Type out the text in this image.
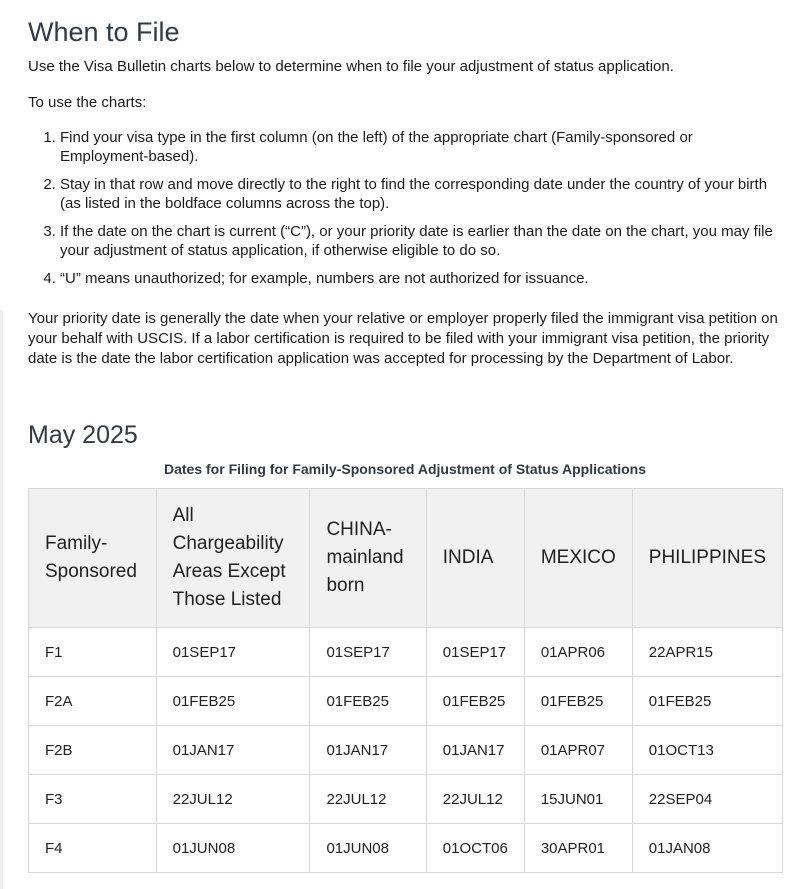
When to File

Use the Visa Bulletin charts below to determine when to file your adjustment of status application.

To use the charts:

1. Find your visa type in the first column (on the left) of the appropriate chart (Family-sponsored or Employment-based).
2. Stay in that row and move directly to the right to find the corresponding date under the country of your birth (as listed in the boldface columns across the top).
3. If the date on the chart is current (“C”), or your priority date is earlier than the date on the chart, you may file your adjustment of status application, if otherwise eligible to do so.
4. “U” means unauthorized; for example, numbers are not authorized for issuance.

Your priority date is generally the date when your relative or employer properly filed the immigrant visa petition on your behalf with USCIS. If a labor certification is required to be filed with your immigrant visa petition, the priority date is the date the labor certification application was accepted for processing by the Department of Labor.

May 2025
Dates for Filing for Family-Sponsored Adjustment of Status Applications
Family-Sponsored	All Chargeability Areas Except Those Listed	CHINA-mainland born	INDIA	MEXICO	PHILIPPINES
F1	01SEP17	01SEP17	01SEP17	01APR06	22APR15
F2A	01FEB25	01FEB25	01FEB25	01FEB25	01FEB25
F2B	01JAN17	01JAN17	01JAN17	01APR07	01OCT13
F3	22JUL12	22JUL12	22JUL12	15JUN01	22SEP04
F4	01JUN08	01JUN08	01OCT06	30APR01	01JAN08
